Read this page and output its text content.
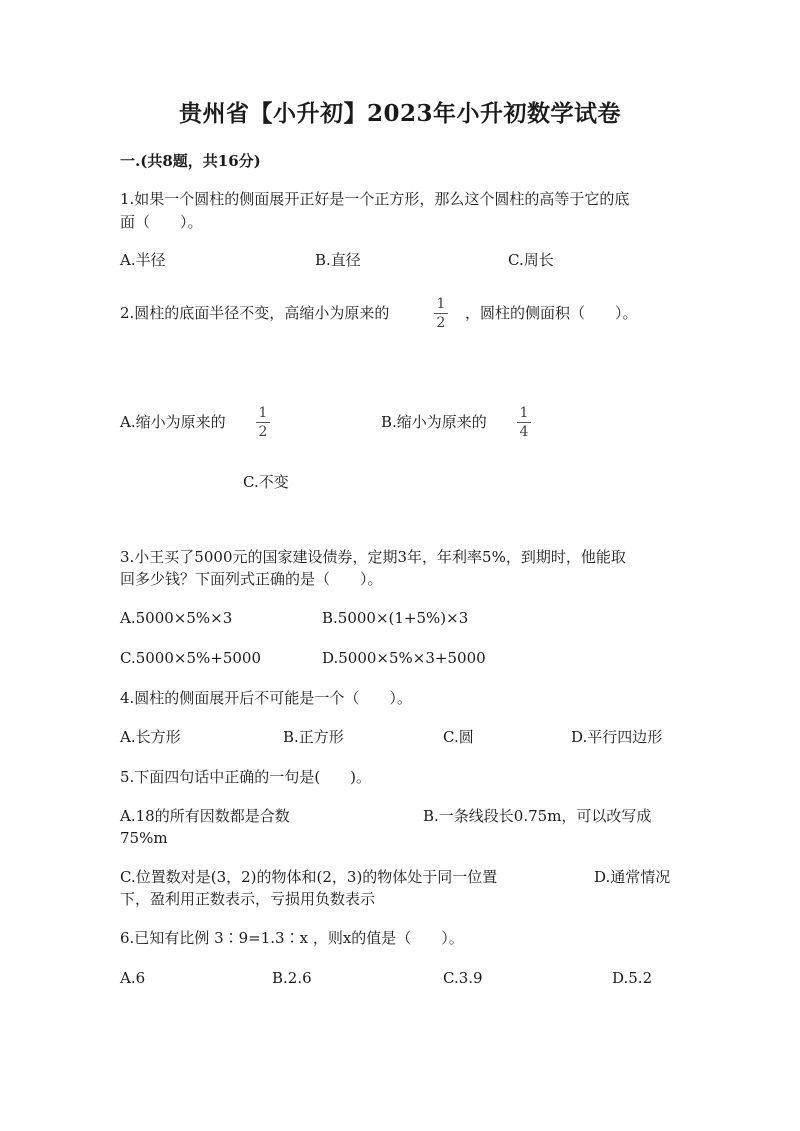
贵州省【小升初】2023年小升初数学试卷
一.(共8题，共16分)
1.如果一个圆柱的侧面展开正好是一个正方形，那么这个圆柱的高等于它的底
面（　　）。
A.半径	B.直径	C.周长
2.圆柱的底面半径不变，高缩小为原来的	1
2
，圆柱的侧面积（　　）。
A.缩小为原来的 1
2
B.缩小为原来的 1
4
C.不变
3.小王买了5000元的国家建设债券，定期3年，年利率5%，到期时，他能取
回多少钱？下面列式正确的是（　　）。
A.5000×5%×3	B.5000×(1+5%)×3
C.5000×5%+5000	D.5000×5%×3+5000
4.圆柱的侧面展开后不可能是一个（　　）。
A.长方形	B.正方形	C.圆	D.平行四边形
5.下面四句话中正确的一句是(　　)。
A.18的所有因数都是合数	B.一条线段长0.75m，可以改写成
75%m
C.位置数对是(3，2)的物体和(2，3)的物体处于同一位置	D.通常情况
下，盈利用正数表示，亏损用负数表示
6.已知有比例 3∶9=1.3∶x ，则x的值是（　　）。
A.6	B.2.6	C.3.9	D.5.2
